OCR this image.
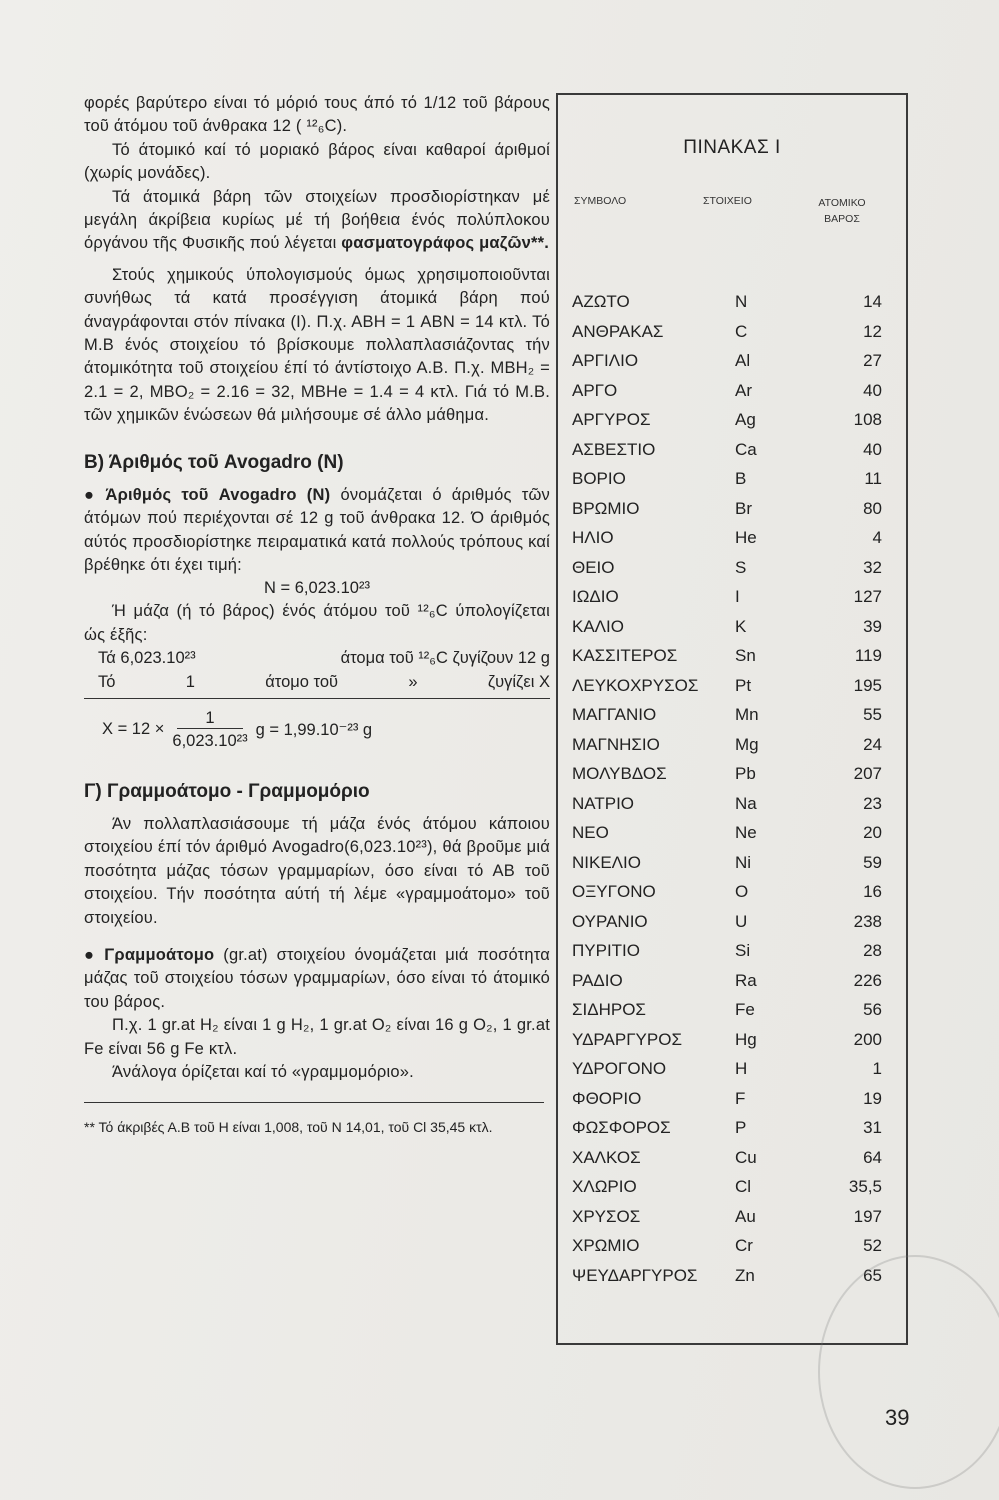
φορές βαρύτερο είναι τό μόριό τους άπό τό 1/12 τοῦ βάρους τοῦ άτόμου τοῦ άνθρακα 12 ( ¹²₆C).

Τό άτομικό καί τό μοριακό βάρος είναι καθαροί άριθμοί (χωρίς μονάδες).

Τά άτομικά βάρη τῶν στοιχείων προσδιορίστηκαν μέ μεγάλη άκρίβεια κυρίως μέ τή βοήθεια ένός πολύπλοκου όργάνου τῆς Φυσικῆς πού λέγεται φασματογράφος μαζῶν**.

Στούς χημικούς ύπολογισμούς όμως χρησιμοποιοῦνται συνήθως τά κατά προσέγγιση άτομικά βάρη πού άναγράφονται στόν πίνακα (I). Π.χ. ΑΒH = 1 ΑΒN = 14 κτλ. Τό Μ.Β ένός στοιχείου τό βρίσκουμε πολλαπλασιάζοντας τήν άτομικότητα τοῦ στοιχείου έπί τό άντίστοιχο Α.Β. Π.χ. ΜΒH₂ = 2.1 = 2, ΜΒO₂ = 2.16 = 32, ΜΒHe = 1.4 = 4 κτλ. Γιά τό Μ.Β. τῶν χημικῶν ένώσεων θά μιλήσουμε σέ άλλο μάθημα.

Β) Άριθμός τοῦ Avogadro (Ν)

● Άριθμός τοῦ Avogadro (Ν) όνομάζεται ό άριθμός τῶν άτόμων πού περιέχονται σέ 12 g τοῦ άνθρακα 12. Ό άριθμός αύτός προσδιορίστηκε πειραματικά κατά πολλούς τρόπους καί βρέθηκε ότι έχει τιμή:

Ν = 6,023.10²³

Ή μάζα (ή τό βάρος) ένός άτόμου τοῦ ¹²₆C ύπολογίζεται ώς έξῆς:

Τά 6,023.10²³	άτομα τοῦ ¹²₆C ζυγίζουν 12 g
Τό	1	άτομο τοῦ	»	ζυγίζει Χ
$X = 12 \times \frac{1}{\text{6,023.10²³}}$ g = 1,99.10⁻²³ g
Γ) Γραμμοάτομο - Γραμμομόριο

Άν πολλαπλασιάσουμε τή μάζα ένός άτόμου κάποιου στοιχείου έπί τόν άριθμό Avogadro(6,023.10²³), θά βροῦμε μιά ποσότητα μάζας τόσων γραμμαρίων, όσο είναι τό ΑΒ τοῦ στοιχείου. Τήν ποσότητα αύτή τή λέμε «γραμμοάτομο» τοῦ στοιχείου.

● Γραμμοάτομο (gr.at) στοιχείου όνομάζεται μιά ποσότητα μάζας τοῦ στοιχείου τόσων γραμμαρίων, όσο είναι τό άτομικό του βάρος.

Π.χ. 1 gr.at H₂ είναι 1 g H₂, 1 gr.at O₂ είναι 16 g O₂, 1 gr.at Fe είναι 56 g Fe κτλ.

Άνάλογα όρίζεται καί τό «γραμμομόριο».

** Τό άκριβές Α.Β τοῦ Η είναι 1,008, τοῦ Ν 14,01, τοῦ Cl 35,45 κτλ.

ΠΙΝΑΚΑΣ Ι
ΣΥΜΒΟΛΟ	ΣΤΟΙΧΕΙΟ	ΑΤΟΜΙΚΟ ΒΑΡΟΣ
ΑΖΩΤΟ	N	14
ΑΝΘΡΑΚΑΣ	C	12
ΑΡΓΙΛΙΟ	Al	27
ΑΡΓΟ	Ar	40
ΑΡΓΥΡΟΣ	Ag	108
ΑΣΒΕΣΤΙΟ	Ca	40
ΒΟΡΙΟ	B	11
ΒΡΩΜΙΟ	Br	80
ΗΛΙΟ	He	4
ΘΕΙΟ	S	32
ΙΩΔΙΟ	I	127
ΚΑΛΙΟ	K	39
ΚΑΣΣΙΤΕΡΟΣ	Sn	119
ΛΕΥΚΟΧΡΥΣΟΣ Pt	195
ΜΑΓΓΑΝΙΟ	Mn	55
ΜΑΓΝΗΣΙΟ	Mg	24
ΜΟΛΥΒΔΟΣ	Pb	207
ΝΑΤΡΙΟ	Na	23
ΝΕΟ	Ne	20
ΝΙΚΕΛΙΟ	Ni	59
ΟΞΥΓΟΝΟ	O	16
ΟΥΡΑΝΙΟ	U	238
ΠΥΡΙΤΙΟ	Si	28
ΡΑΔΙΟ	Ra	226
ΣΙΔΗΡΟΣ	Fe	56
ΥΔΡΑΡΓΥΡΟΣ	Hg	200
ΥΔΡΟΓΟΝΟ	H	1
ΦΘΟΡΙΟ	F	19
ΦΩΣΦΟΡΟΣ	P	31
ΧΑΛΚΟΣ	Cu	64
ΧΛΩΡΙΟ	Cl	35,5
ΧΡΥΣΟΣ	Au	197
ΧΡΩΜΙΟ	Cr	52
ΨΕΥΔΑΡΓΥΡΟΣ Zn	65
39
